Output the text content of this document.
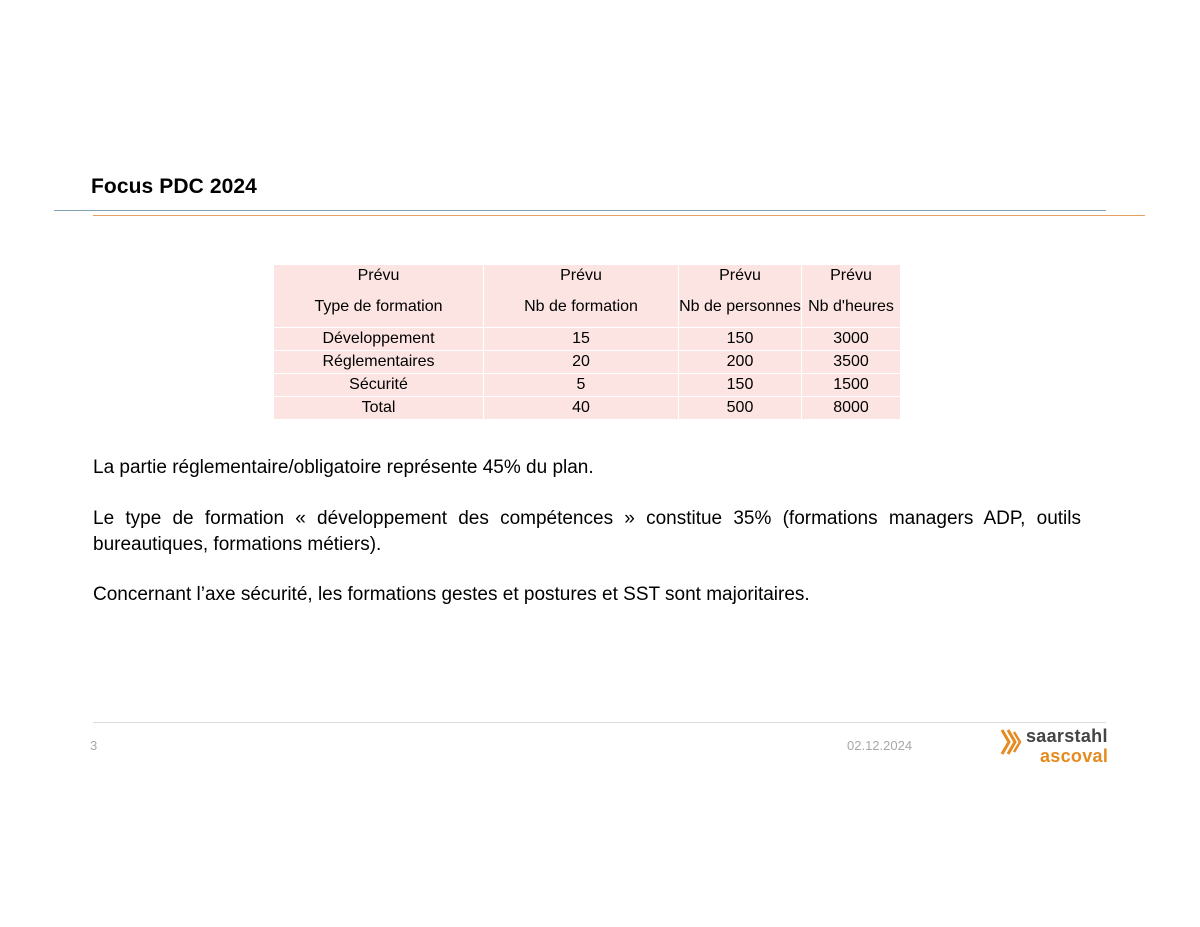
Focus PDC 2024
Prévu	Prévu	Prévu	Prévu
Type de formation	Nb de formation	Nb de personnes	Nb d'heures
Développement	15	150	3000
Réglementaires	20	200	3500
Sécurité	5	150	1500
Total	40	500	8000

La partie réglementaire/obligatoire représente 45% du plan.

Le type de formation « développement des compétences » constitue 35% (formations managers ADP, outils bureautiques, formations métiers).

Concernant l’axe sécurité, les formations gestes et postures et SST sont majoritaires.

3	02.12.2024	saarstahl
ascoval
